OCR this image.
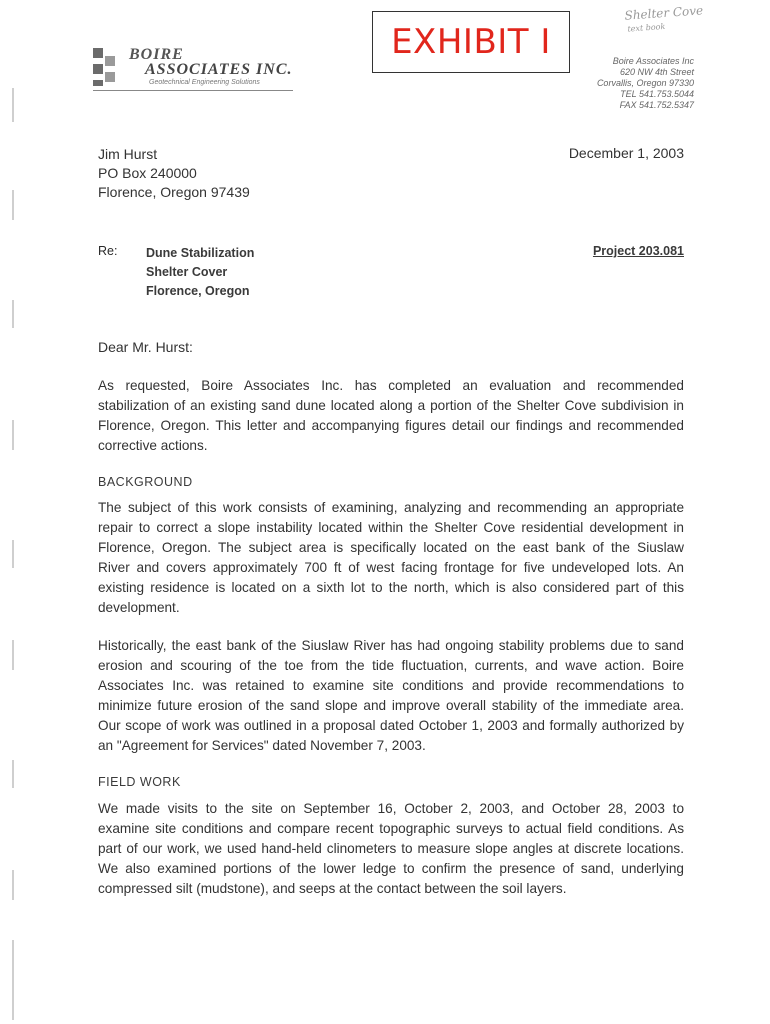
BOIRE
ASSOCIATES INC.
Geotechnical Engineering Solutions
EXHIBIT I
Shelter Cove
text book
Boire Associates Inc
620 NW 4th Street
Corvallis, Oregon 97330
TEL 541.753.5044
FAX 541.752.5347
Jim Hurst
PO Box 240000
Florence, Oregon 97439
December 1, 2003
Re: Dune Stabilization
Shelter Cover
Florence, Oregon
Project 203.081
Dear Mr. Hurst:
As requested, Boire Associates Inc. has completed an evaluation and recommended
stabilization of an existing sand dune located along a portion of the Shelter Cove subdivision in
Florence, Oregon. This letter and accompanying figures detail our findings and recommended
corrective actions.
BACKGROUND
The subject of this work consists of examining, analyzing and recommending an appropriate
repair to correct a slope instability located within the Shelter Cove residential development in
Florence, Oregon. The subject area is specifically located on the east bank of the Siuslaw
River and covers approximately 700 ft of west facing frontage for five undeveloped lots. An
existing residence is located on a sixth lot to the north, which is also considered part of this
development.
Historically, the east bank of the Siuslaw River has had ongoing stability problems due to sand
erosion and scouring of the toe from the tide fluctuation, currents, and wave action. Boire
Associates Inc. was retained to examine site conditions and provide recommendations to
minimize future erosion of the sand slope and improve overall stability of the immediate area.
Our scope of work was outlined in a proposal dated October 1, 2003 and formally authorized by
an "Agreement for Services" dated November 7, 2003.
FIELD WORK
We made visits to the site on September 16, October 2, 2003, and October 28, 2003 to
examine site conditions and compare recent topographic surveys to actual field conditions. As
part of our work, we used hand-held clinometers to measure slope angles at discrete locations.
We also examined portions of the lower ledge to confirm the presence of sand, underlying
compressed silt (mudstone), and seeps at the contact between the soil layers.
